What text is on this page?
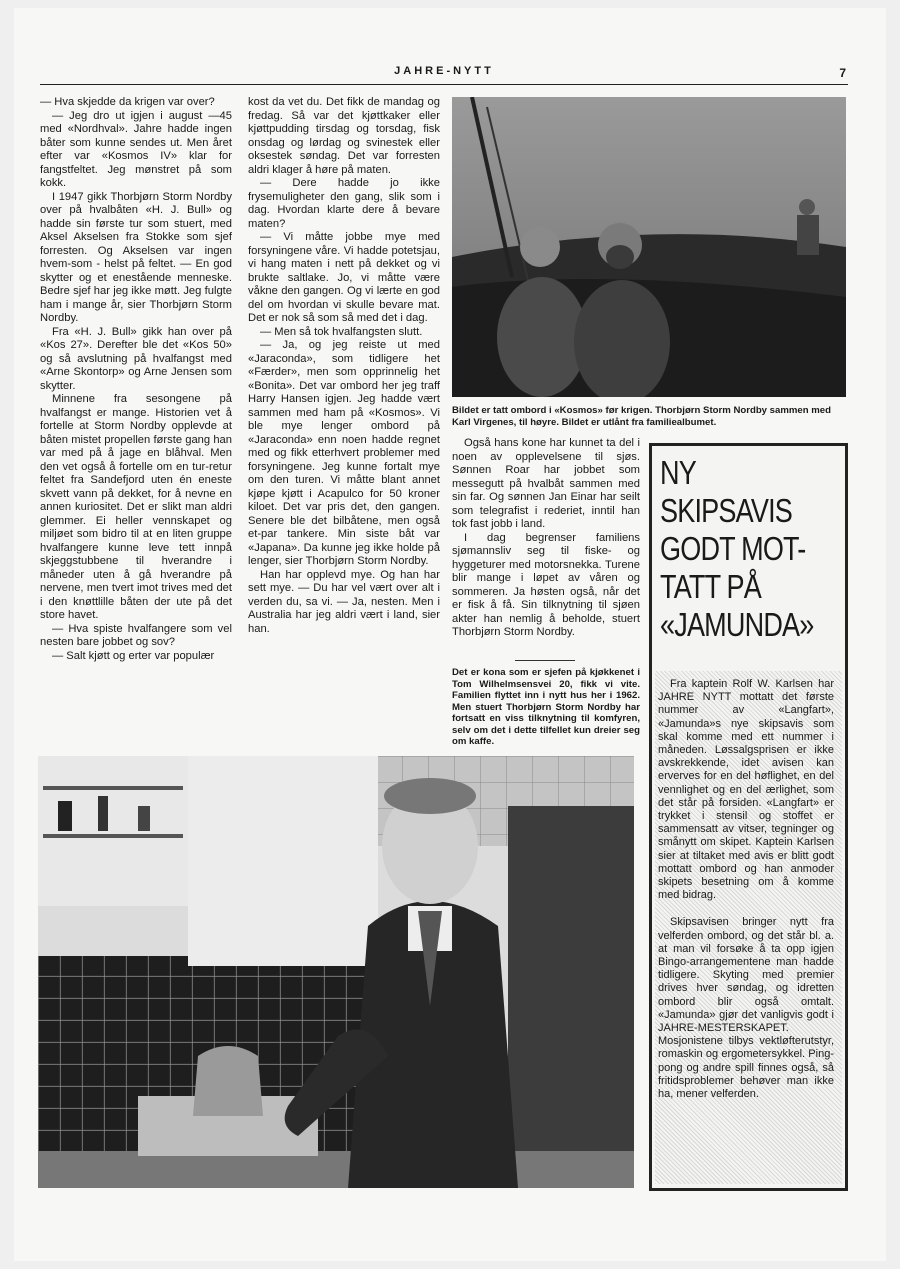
JAHRE-NYTT	7

— Hva skjedde da krigen var over?

— Jeg dro ut igjen i august —45 med «Nordhval». Jahre hadde ingen båter som kunne sendes ut. Men året efter var «Kosmos IV» klar for fangstfeltet. Jeg mønstret på som kokk.

I 1947 gikk Thorbjørn Storm Nordby over på hvalbåten «H. J. Bull» og hadde sin første tur som stuert, med Aksel Akselsen fra Stokke som sjef forresten. Og Akselsen var ingen hvem-som - helst på feltet. — En god skytter og et enestående menneske. Bedre sjef har jeg ikke møtt. Jeg fulgte ham i mange år, sier Thorbjørn Storm Nordby.

Fra «H. J. Bull» gikk han over på «Kos 27». Derefter ble det «Kos 50» og så avslutning på hvalfangst med «Arne Skontorp» og Arne Jensen som skytter.

Minnene fra sesongene på hvalfangst er mange. Historien vet å fortelle at Storm Nordby opplevde at båten mistet propellen første gang han var med på å jage en blåhval. Men den vet også å fortelle om en tur-retur feltet fra Sandefjord uten én eneste skvett vann på dekket, for å nevne en annen kuriositet. Det er slikt man aldri glemmer. Ei heller vennskapet og miljøet som bidro til at en liten gruppe hvalfangere kunne leve tett innpå skjeggstubbene til hverandre i måneder uten å gå hverandre på nervene, men tvert imot trives med det i den knøttlille båten der ute på det store havet.

— Hva spiste hvalfangere som vel nesten bare jobbet og sov?

— Salt kjøtt og erter var populær

kost da vet du. Det fikk de mandag og fredag. Så var det kjøttkaker eller kjøttpudding tirsdag og torsdag, fisk onsdag og lørdag og svinestek eller oksestek søndag. Det var forresten aldri klager å høre på maten.

— Dere hadde jo ikke frysemuligheter den gang, slik som i dag. Hvordan klarte dere å bevare maten?

— Vi måtte jobbe mye med forsyningene våre. Vi hadde potetsjau, vi hang maten i nett på dekket og vi brukte saltlake. Jo, vi måtte være våkne den gangen. Og vi lærte en god del om hvordan vi skulle bevare mat. Det er nok så som så med det i dag.

— Men så tok hvalfangsten slutt.

— Ja, og jeg reiste ut med «Jaraconda», som tidligere het «Færder», men som opprinnelig het «Bonita». Det var ombord her jeg traff Harry Hansen igjen. Jeg hadde vært sammen med ham på «Kosmos». Vi ble mye lenger ombord på «Jaraconda» enn noen hadde regnet med og fikk etterhvert problemer med forsyningene. Jeg kunne fortalt mye om den turen. Vi måtte blant annet kjøpe kjøtt i Acapulco for 50 kroner kiloet. Det var pris det, den gangen. Senere ble det bilbåtene, men også et-par tankere. Min siste båt var «Japana». Da kunne jeg ikke holde på lenger, sier Thorbjørn Storm Nordby.

Han har opplevd mye. Og han har sett mye. — Du har vel vært over alt i verden du, sa vi. — Ja, nesten. Men i Australia har jeg aldri vært i land, sier han.

Bildet er tatt ombord i «Kosmos» før krigen. Thorbjørn Storm Nordby sammen med Karl Virgenes, til høyre. Bildet er utlånt fra familiealbumet.

Også hans kone har kunnet ta del i noen av opplevelsene til sjøs. Sønnen Roar har jobbet som messegutt på hvalbåt sammen med sin far. Og sønnen Jan Einar har seilt som telegrafist i rederiet, inntil han tok fast jobb i land.

I dag begrenser familiens sjømannsliv seg til fiske- og hyggeturer med motorsnekka. Turene blir mange i løpet av våren og sommeren. Ja høsten også, når det er fisk å få. Sin tilknytning til sjøen akter han nemlig å beholde, stuert Thorbjørn Storm Nordby.

Det er kona som er sjefen på kjøkkenet i Tom Wilhelmsensvei 20, fikk vi vite. Familien flyttet inn i nytt hus her i 1962. Men stuert Thorbjørn Storm Nordby har fortsatt en viss tilknytning til komfyren, selv om det i dette tilfellet kun dreier seg om kaffe.
NY
SKIPSAVIS
GODT MOT-
TATT PÅ
«JAMUNDA»

Fra kaptein Rolf W. Karlsen har JAHRE NYTT mottatt det første nummer av «Langfart», «Jamunda»s nye skipsavis som skal komme med ett nummer i måneden. Løssalgsprisen er ikke avskrekkende, idet avisen kan erverves for en del høflighet, en del vennlighet og en del ærlighet, som det står på forsiden. «Langfart» er trykket i stensil og stoffet er sammensatt av vitser, tegninger og smånytt om skipet. Kaptein Karlsen sier at tiltaket med avis er blitt godt mottatt ombord og han anmoder skipets besetning om å komme med bidrag.

Skipsavisen bringer nytt fra velferden ombord, og det står bl. a. at man vil forsøke å ta opp igjen Bingo-arrangementene man hadde tidligere. Skyting med premier drives hver søndag, og idretten ombord blir også omtalt. «Jamunda» gjør det vanligvis godt i JAHRE-MESTERSKAPET. Mosjonistene tilbys vektløfterutstyr, romaskin og ergometersykkel. Ping-pong og andre spill finnes også, så fritidsproblemer behøver man ikke ha, mener velferden.
